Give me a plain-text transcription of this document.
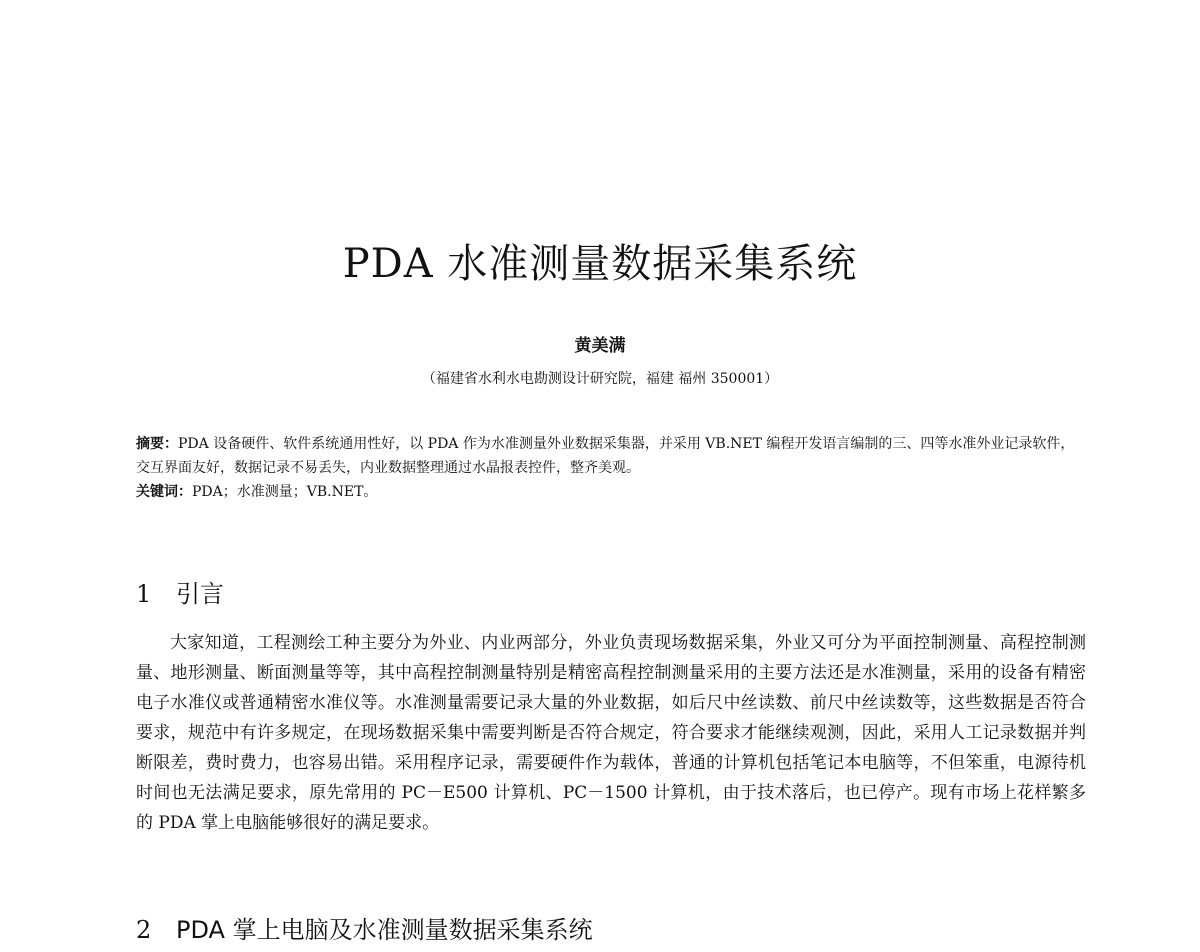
PDA 水准测量数据采集系统
黄美满
（福建省水利水电勘测设计研究院，福建 福州 350001）

摘要：PDA 设备硬件、软件系统通用性好，以 PDA 作为水准测量外业数据采集器，并采用 VB.NET 编程开发语言编制的三、四等水准外业记录软件，交互界面友好，数据记录不易丢失，内业数据整理通过水晶报表控件，整齐美观。

关键词：PDA；水准测量；VB.NET。

1 引言
大家知道，工程测绘工种主要分为外业、内业两部分，外业负责现场数据采集，外业又可分为平面控制测量、高程控制测量、地形测量、断面测量等等，其中高程控制测量特别是精密高程控制测量采用的主要方法还是水准测量，采用的设备有精密电子水准仪或普通精密水准仪等。水准测量需要记录大量的外业数据，如后尺中丝读数、前尺中丝读数等，这些数据是否符合要求，规范中有许多规定，在现场数据采集中需要判断是否符合规定，符合要求才能继续观测，因此，采用人工记录数据并判断限差，费时费力，也容易出错。采用程序记录，需要硬件作为载体，普通的计算机包括笔记本电脑等，不但笨重，电源待机时间也无法满足要求，原先常用的 PC－E500 计算机、PC－1500 计算机，由于技术落后，也已停产。现有市场上花样繁多的 PDA 掌上电脑能够很好的满足要求。
2 PDA 掌上电脑及水准测量数据采集系统
